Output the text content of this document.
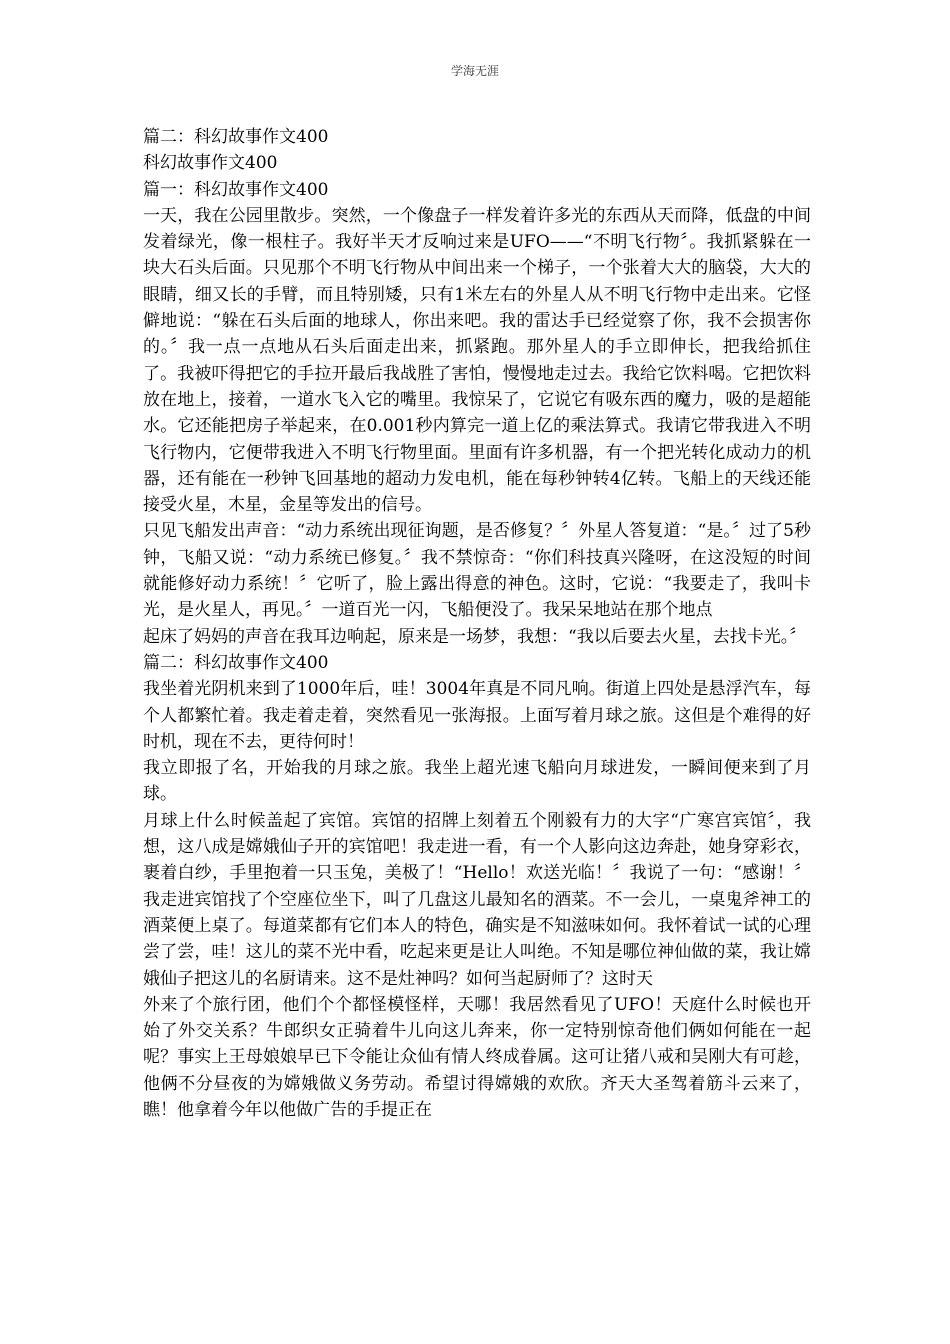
学海无涯

篇二：科幻故事作文400

科幻故事作文400

篇一：科幻故事作文400

一天，我在公园里散步。突然，一个像盘子一样发着许多光的东西从天而降，低盘的中间发着绿光，像一根柱子。我好半天才反响过来是UFO——“不明飞行物〞。我抓紧躲在一块大石头后面。只见那个不明飞行物从中间出来一个梯子，一个张着大大的脑袋，大大的眼睛，细又长的手臂，而且特别矮，只有1米左右的外星人从不明飞行物中走出来。它怪僻地说：“躲在石头后面的地球人，你出来吧。我的雷达手已经觉察了你，我不会损害你的。〞我一点一点地从石头后面走出来，抓紧跑。那外星人的手立即伸长，把我给抓住了。我被吓得把它的手拉开最后我战胜了害怕，慢慢地走过去。我给它饮料喝。它把饮料放在地上，接着，一道水飞入它的嘴里。我惊呆了，它说它有吸东西的魔力，吸的是超能水。它还能把房子举起来，在0.001秒内算完一道上亿的乘法算式。我请它带我进入不明飞行物内，它便带我进入不明飞行物里面。里面有许多机器，有一个把光转化成动力的机器，还有能在一秒钟飞回基地的超动力发电机，能在每秒钟转4亿转。飞船上的天线还能接受火星，木星，金星等发出的信号。

只见飞船发出声音：“动力系统出现征询题，是否修复？〞外星人答复道：“是。〞过了5秒钟，飞船又说：“动力系统已修复。〞我不禁惊奇：“你们科技真兴隆呀，在这没短的时间就能修好动力系统！〞它听了，脸上露出得意的神色。这时，它说：“我要走了，我叫卡光，是火星人，再见。〞一道百光一闪，飞船便没了。我呆呆地站在那个地点

起床了妈妈的声音在我耳边响起，原来是一场梦，我想：“我以后要去火星，去找卡光。〞

篇二：科幻故事作文400

我坐着光阴机来到了1000年后，哇！3004年真是不同凡响。街道上四处是悬浮汽车，每个人都繁忙着。我走着走着，突然看见一张海报。上面写着月球之旅。这但是个难得的好时机，现在不去，更待何时！

我立即报了名，开始我的月球之旅。我坐上超光速飞船向月球进发，一瞬间便来到了月球。

月球上什么时候盖起了宾馆。宾馆的招牌上刻着五个刚毅有力的大字“广寒宫宾馆〞，我想，这八成是嫦娥仙子开的宾馆吧！我走进一看，有一个人影向这边奔赴，她身穿彩衣，裹着白纱，手里抱着一只玉兔，美极了！“Hello！欢送光临！〞我说了一句：“感谢！〞我走进宾馆找了个空座位坐下，叫了几盘这儿最知名的酒菜。不一会儿，一桌鬼斧神工的酒菜便上桌了。每道菜都有它们本人的特色，确实是不知滋味如何。我怀着试一试的心理尝了尝，哇！这儿的菜不光中看，吃起来更是让人叫绝。不知是哪位神仙做的菜，我让嫦娥仙子把这儿的名厨请来。这不是灶神吗？如何当起厨师了？这时天

外来了个旅行团，他们个个都怪模怪样，天哪！我居然看见了UFO！天庭什么时候也开始了外交关系？牛郎织女正骑着牛儿向这儿奔来，你一定特别惊奇他们俩如何能在一起呢？事实上王母娘娘早已下令能让众仙有情人终成眷属。这可让猪八戒和吴刚大有可趁，他俩不分昼夜的为嫦娥做义务劳动。希望讨得嫦娥的欢欣。齐天大圣驾着筋斗云来了，瞧！他拿着今年以他做广告的手提正在
